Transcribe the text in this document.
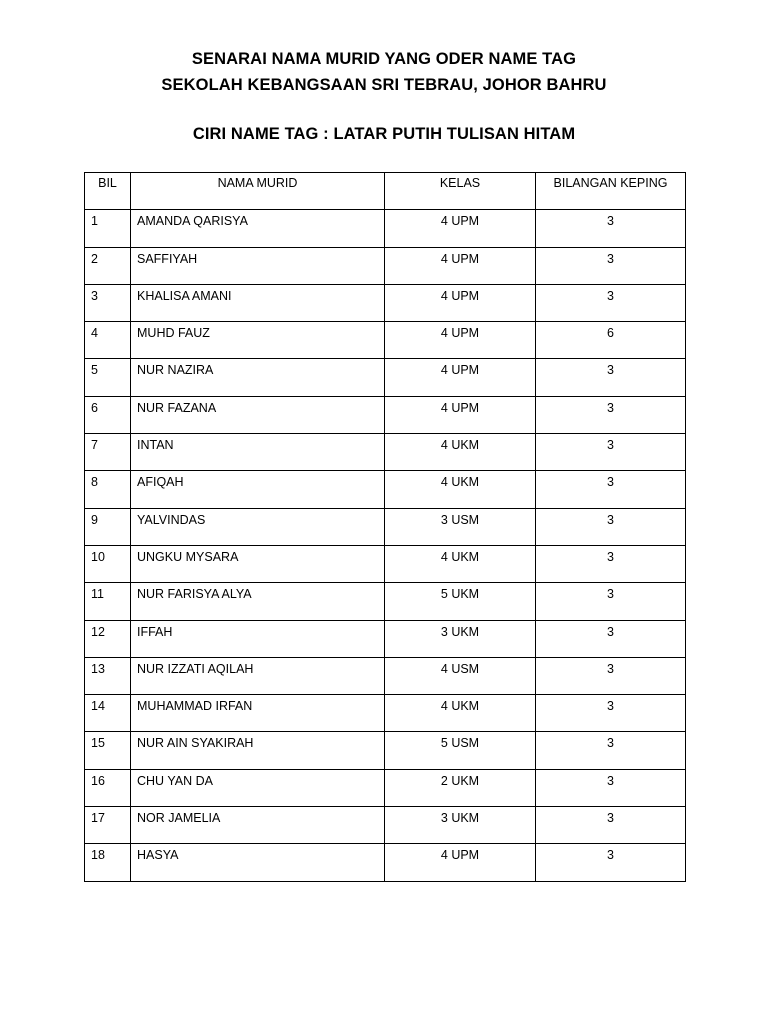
SENARAI NAMA MURID YANG ODER NAME TAG
SEKOLAH KEBANGSAAN SRI TEBRAU, JOHOR BAHRU
CIRI NAME TAG : LATAR PUTIH TULISAN HITAM
BIL	NAMA MURID	KELAS	BILANGAN KEPING
1	AMANDA QARISYA	4 UPM	3
2	SAFFIYAH	4 UPM	3
3	KHALISA AMANI	4 UPM	3
4	MUHD FAUZ	4 UPM	6
5	NUR NAZIRA	4 UPM	3
6	NUR FAZANA	4 UPM	3
7	INTAN	4 UKM	3
8	AFIQAH	4 UKM	3
9	YALVINDAS	3 USM	3
10	UNGKU MYSARA	4 UKM	3
11	NUR FARISYA ALYA	5 UKM	3
12	IFFAH	3 UKM	3
13	NUR IZZATI AQILAH	4 USM	3
14	MUHAMMAD IRFAN	4 UKM	3
15	NUR AIN SYAKIRAH	5 USM	3
16	CHU YAN DA	2 UKM	3
17	NOR JAMELIA	3 UKM	3
18	HASYA	4 UPM	3
